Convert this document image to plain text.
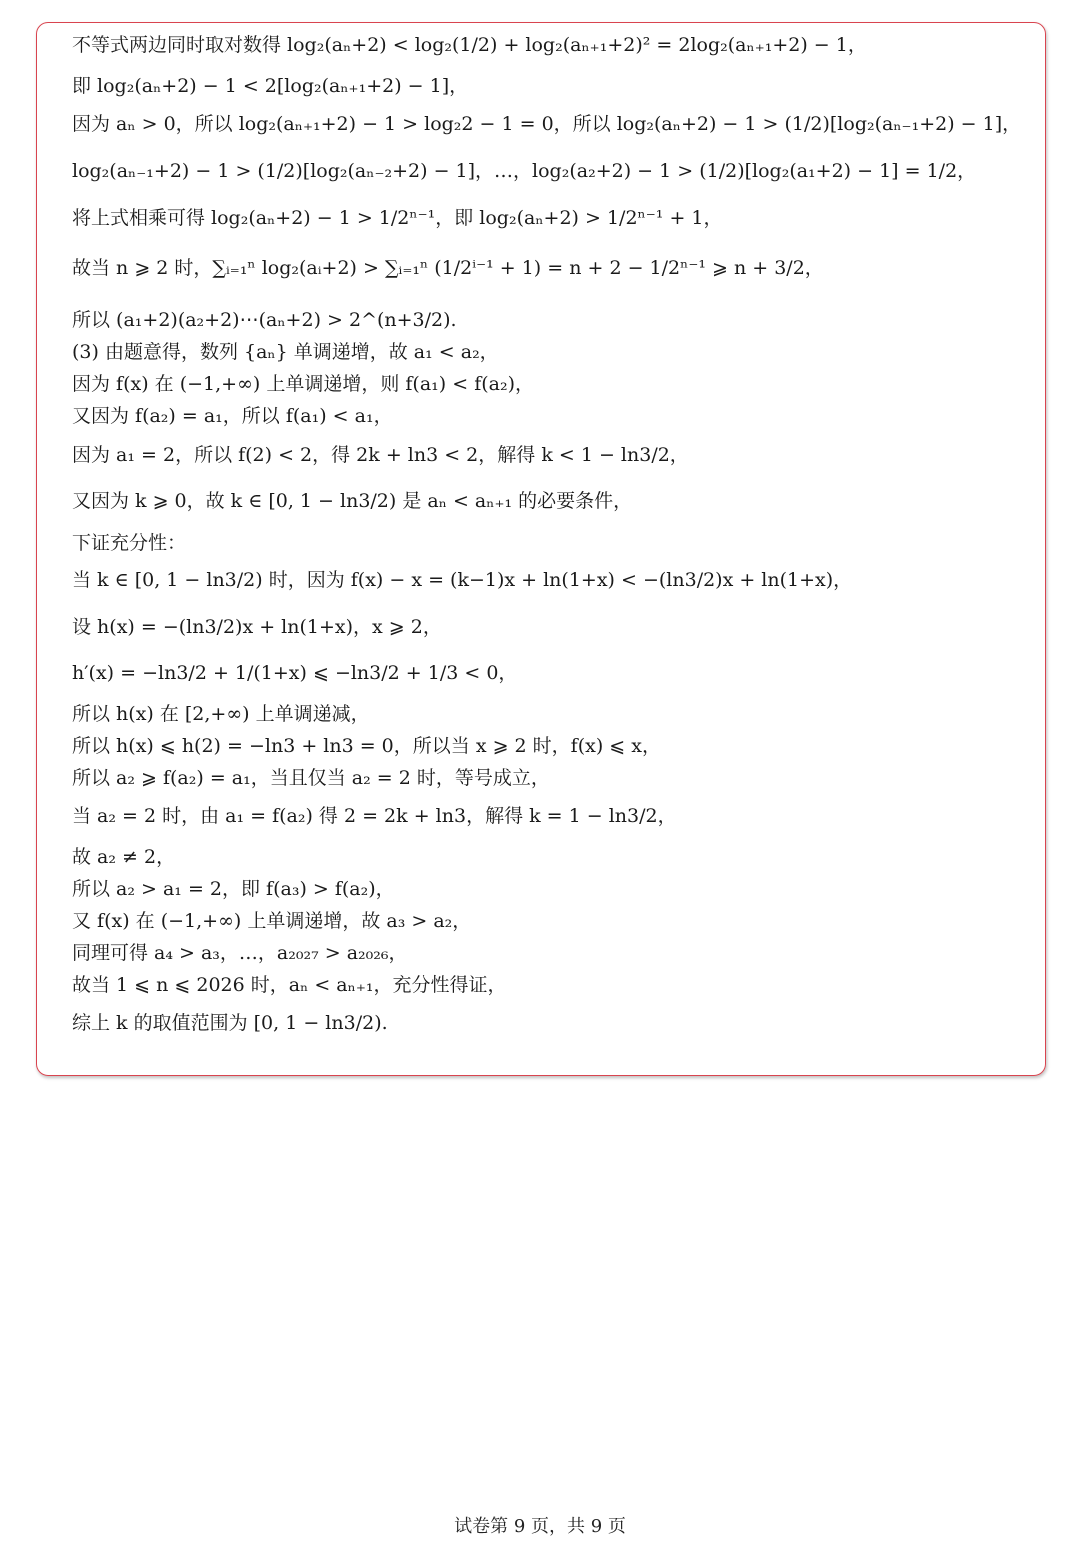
不等式两边同时取对数得 log₂(aₙ+2) < log₂(1/2) + log₂(aₙ₊₁+2)² = 2log₂(aₙ₊₁+2) − 1，
即 log₂(aₙ+2) − 1 < 2[log₂(aₙ₊₁+2) − 1]，
因为 aₙ > 0，所以 log₂(aₙ₊₁+2) − 1 > log₂2 − 1 = 0，所以 log₂(aₙ+2) − 1 > (1/2)[log₂(aₙ₋₁+2) − 1]，
log₂(aₙ₋₁+2) − 1 > (1/2)[log₂(aₙ₋₂+2) − 1]，…，log₂(a₂+2) − 1 > (1/2)[log₂(a₁+2) − 1] = 1/2，
将上式相乘可得 log₂(aₙ+2) − 1 > 1/2ⁿ⁻¹，即 log₂(aₙ+2) > 1/2ⁿ⁻¹ + 1，
故当 n ⩾ 2 时，∑ᵢ₌₁ⁿ log₂(aᵢ+2) > ∑ᵢ₌₁ⁿ (1/2ⁱ⁻¹ + 1) = n + 2 − 1/2ⁿ⁻¹ ⩾ n + 3/2，
所以 (a₁+2)(a₂+2)⋯(aₙ+2) > 2^(n+3/2).
(3) 由题意得，数列 {aₙ} 单调递增，故 a₁ < a₂，
因为 f(x) 在 (−1,+∞) 上单调递增，则 f(a₁) < f(a₂)，
又因为 f(a₂) = a₁，所以 f(a₁) < a₁，
因为 a₁ = 2，所以 f(2) < 2，得 2k + ln3 < 2，解得 k < 1 − ln3/2，
又因为 k ⩾ 0，故 k ∈ [0, 1 − ln3/2) 是 aₙ < aₙ₊₁ 的必要条件，
下证充分性：
当 k ∈ [0, 1 − ln3/2) 时，因为 f(x) − x = (k−1)x + ln(1+x) < −(ln3/2)x + ln(1+x)，
设 h(x) = −(ln3/2)x + ln(1+x)，x ⩾ 2，
h′(x) = −ln3/2 + 1/(1+x) ⩽ −ln3/2 + 1/3 < 0，
所以 h(x) 在 [2,+∞) 上单调递减，
所以 h(x) ⩽ h(2) = −ln3 + ln3 = 0，所以当 x ⩾ 2 时，f(x) ⩽ x，
所以 a₂ ⩾ f(a₂) = a₁，当且仅当 a₂ = 2 时，等号成立，
当 a₂ = 2 时，由 a₁ = f(a₂) 得 2 = 2k + ln3，解得 k = 1 − ln3/2，
故 a₂ ≠ 2，
所以 a₂ > a₁ = 2，即 f(a₃) > f(a₂)，
又 f(x) 在 (−1,+∞) 上单调递增，故 a₃ > a₂，
同理可得 a₄ > a₃，…，a₂₀₂₇ > a₂₀₂₆，
故当 1 ⩽ n ⩽ 2026 时，aₙ < aₙ₊₁，充分性得证，
综上 k 的取值范围为 [0, 1 − ln3/2).
试卷第 9 页，共 9 页
